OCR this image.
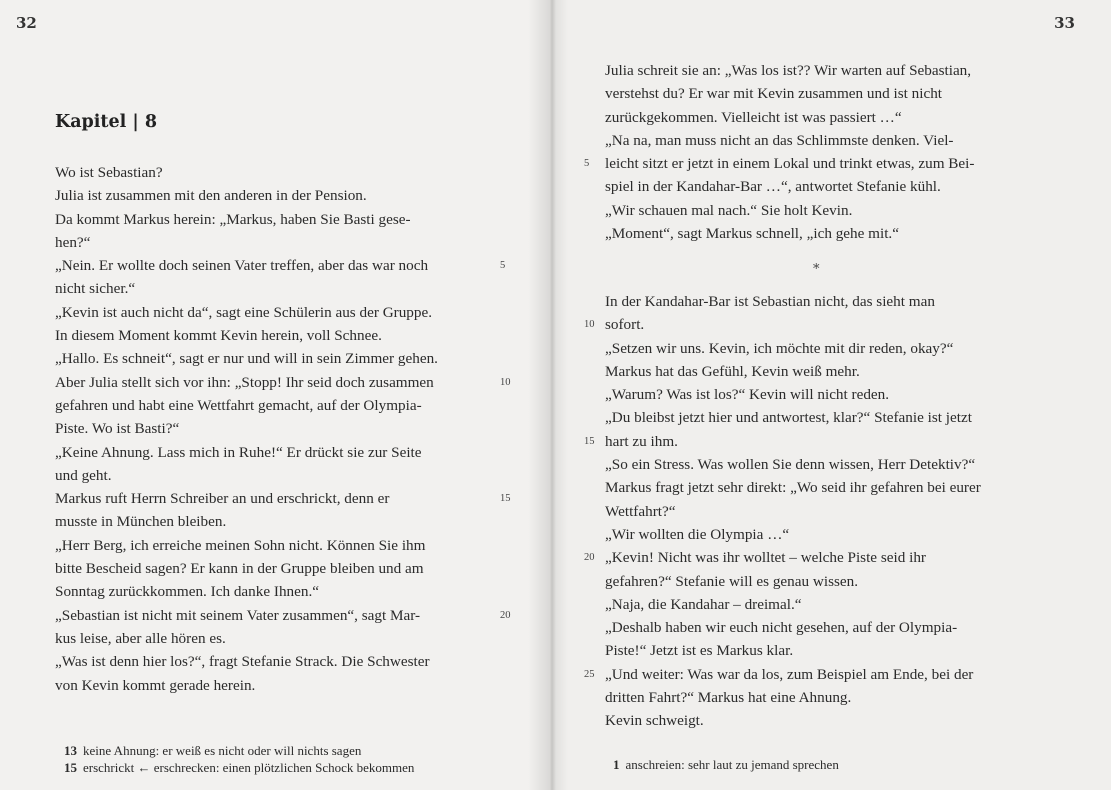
32	33
Kapitel | 8
Wo ist Sebastian?
Julia ist zusammen mit den anderen in der Pension.
Da kommt Markus herein: „Markus, haben Sie Basti gese-
hen?“
„Nein. Er wollte doch seinen Vater treffen, aber das war noch	5
nicht sicher.“
„Kevin ist auch nicht da“, sagt eine Schülerin aus der Gruppe.
In diesem Moment kommt Kevin herein, voll Schnee.
„Hallo. Es schneit“, sagt er nur und will in sein Zimmer gehen.
Aber Julia stellt sich vor ihn: „Stopp! Ihr seid doch zusammen	10
gefahren und habt eine Wettfahrt gemacht, auf der Olympia-
Piste. Wo ist Basti?“
„Keine Ahnung. Lass mich in Ruhe!“ Er drückt sie zur Seite
und geht.
Markus ruft Herrn Schreiber an und erschrickt, denn er	15
musste in München bleiben.
„Herr Berg, ich erreiche meinen Sohn nicht. Können Sie ihm
bitte Bescheid sagen? Er kann in der Gruppe bleiben und am
Sonntag zurückkommen. Ich danke Ihnen.“
„Sebastian ist nicht mit seinem Vater zusammen“, sagt Mar-	20
kus leise, aber alle hören es.
„Was ist denn hier los?“, fragt Stefanie Strack. Die Schwester
von Kevin kommt gerade herein.
Julia schreit sie an: „Was los ist?? Wir warten auf Sebastian,
verstehst du? Er war mit Kevin zusammen und ist nicht
zurückgekommen. Vielleicht ist was passiert …“
„Na na, man muss nicht an das Schlimmste denken. Viel-
leicht sitzt er jetzt in einem Lokal und trinkt etwas, zum Bei-
5
spiel in der Kandahar-Bar …“, antwortet Stefanie kühl.
„Wir schauen mal nach.“ Sie holt Kevin.
„Moment“, sagt Markus schnell, „ich gehe mit.“
*
In der Kandahar-Bar ist Sebastian nicht, das sieht man
sofort.
10
„Setzen wir uns. Kevin, ich möchte mit dir reden, okay?“
Markus hat das Gefühl, Kevin weiß mehr.
„Warum? Was ist los?“ Kevin will nicht reden.
„Du bleibst jetzt hier und antwortest, klar?“ Stefanie ist jetzt
hart zu ihm.
15
„So ein Stress. Was wollen Sie denn wissen, Herr Detektiv?“
Markus fragt jetzt sehr direkt: „Wo seid ihr gefahren bei eurer
Wettfahrt?“
„Wir wollten die Olympia …“
„Kevin! Nicht was ihr wolltet – welche Piste seid ihr
20
gefahren?“ Stefanie will es genau wissen.
„Naja, die Kandahar – dreimal.“
„Deshalb haben wir euch nicht gesehen, auf der Olympia-
Piste!“ Jetzt ist es Markus klar.
„Und weiter: Was war da los, zum Beispiel am Ende, bei der
25
dritten Fahrt?“ Markus hat eine Ahnung.
Kevin schweigt.
13 keine Ahnung: er weiß es nicht oder will nichts sagen
15 erschrickt ← erschrecken: einen plötzlichen Schock bekommen	1 anschreien: sehr laut zu jemand sprechen
